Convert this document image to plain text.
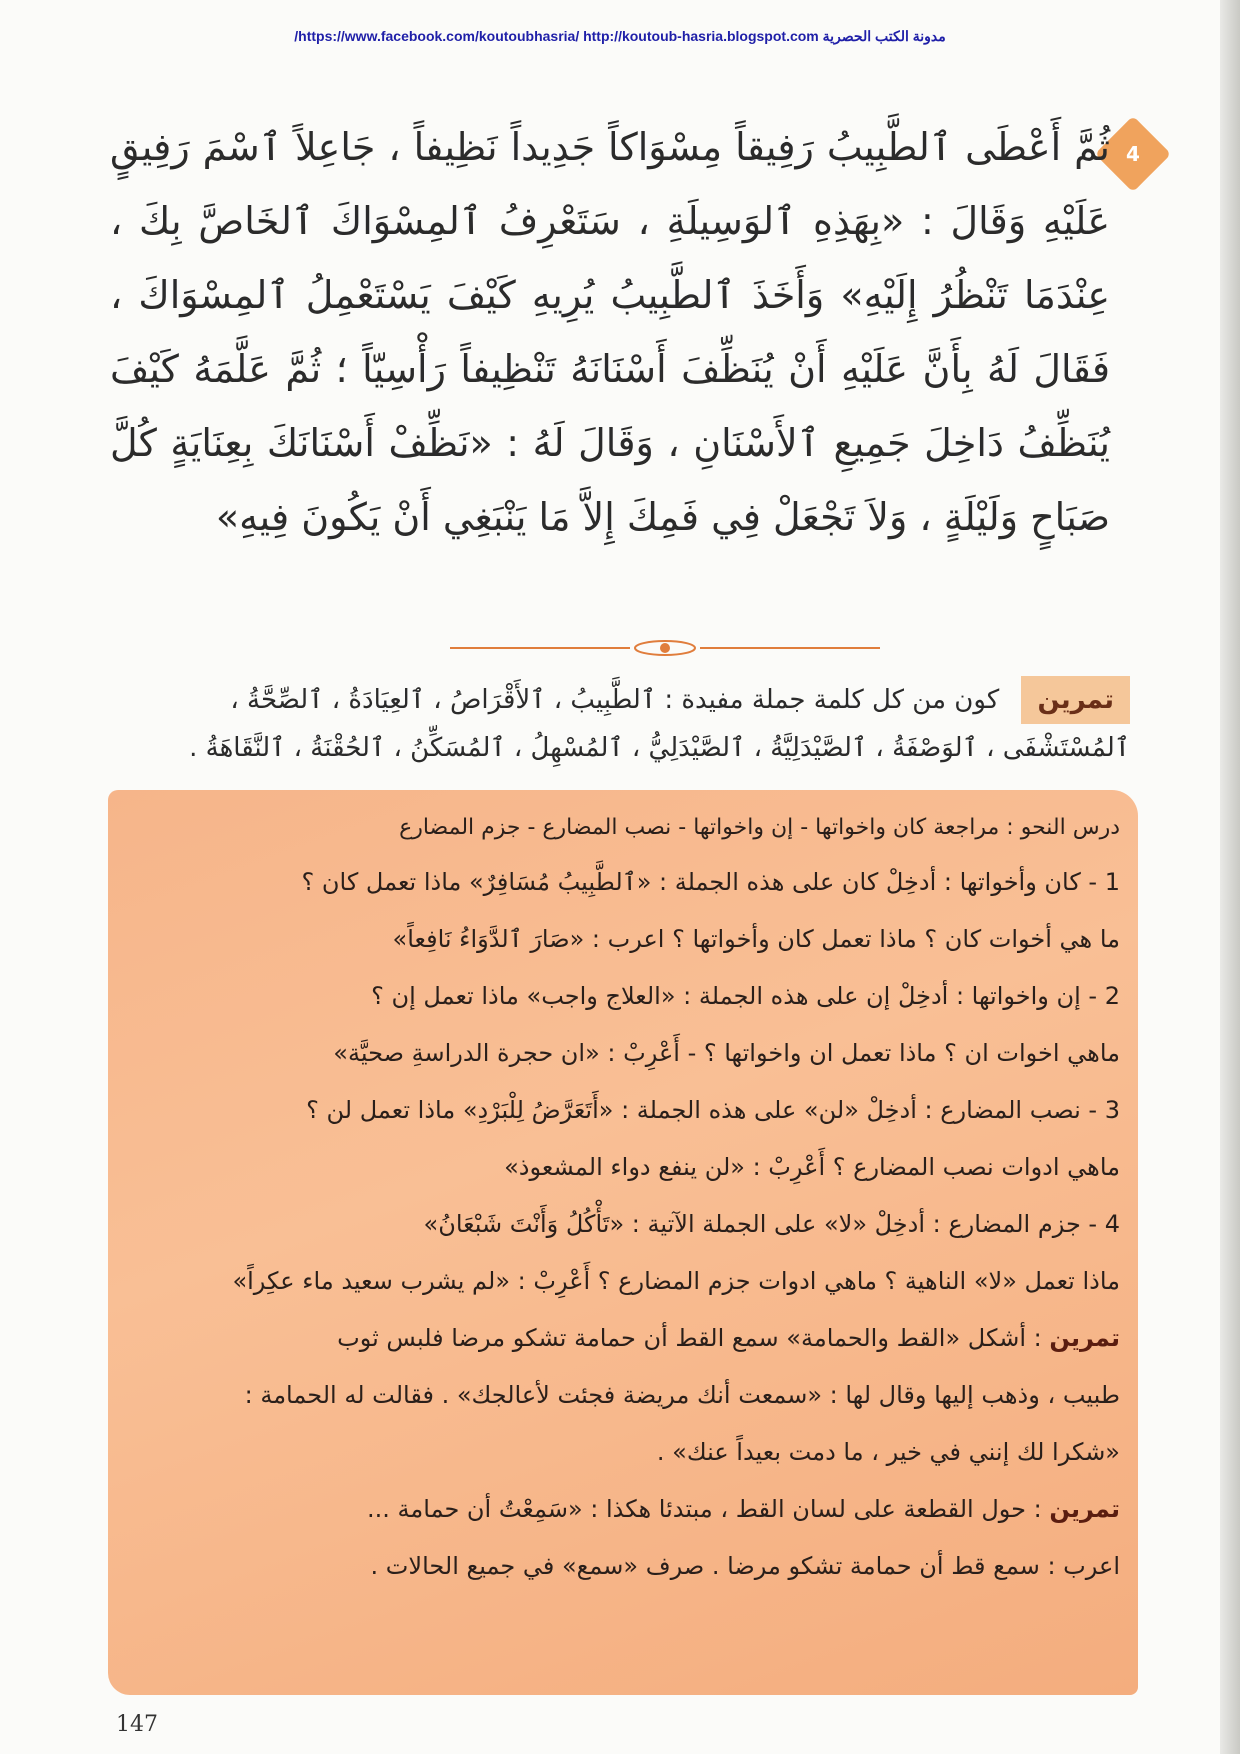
/https://www.facebook.com/koutoubhasria/ http://koutoub-hasria.blogspot.com مدونة الكتب الحصرية
4
ثُمَّ أَعْطَى ٱلطَّبِيبُ رَفِيقاً مِسْوَاكاً جَدِيداً نَظِيفاً ، جَاعِلاً ٱسْمَ رَفِيقٍ عَلَيْهِ وَقَالَ : «بِهَذِهِ ٱلوَسِيلَةِ ، سَتَعْرِفُ ٱلمِسْوَاكَ ٱلخَاصَّ بِكَ ، عِنْدَمَا تَنْظُرُ إِلَيْهِ» وَأَخَذَ ٱلطَّبِيبُ يُرِيهِ كَيْفَ يَسْتَعْمِلُ ٱلمِسْوَاكَ ، فَقَالَ لَهُ بِأَنَّ عَلَيْهِ أَنْ يُنَظِّفَ أَسْنَانَهُ تَنْظِيفاً رَأْسِيّاً ؛ ثُمَّ عَلَّمَهُ كَيْفَ يُنَظِّفُ دَاخِلَ جَمِيعِ ٱلأَسْنَانِ ، وَقَالَ لَهُ : «نَظِّفْ أَسْنَانَكَ بِعِنَايَةٍ كُلَّ صَبَاحٍ وَلَيْلَةٍ ، وَلاَ تَجْعَلْ فِي فَمِكَ إِلاَّ مَا يَنْبَغِي أَنْ يَكُونَ فِيهِ»
تمرين كون من كل كلمة جملة مفيدة : ٱلطَّبِيبُ ، ٱلأَقْرَاصُ ، ٱلعِيَادَةُ ، ٱلصِّحَّةُ ، ٱلمُسْتَشْفَى ، ٱلوَصْفَةُ ، ٱلصَّيْدَلِيَّةُ ، ٱلصَّيْدَلِيُّ ، ٱلمُسْهِلُ ، ٱلمُسَكِّنُ ، ٱلحُقْنَةُ ، ٱلنَّقَاهَةُ .
درس النحو : مراجعة كان واخواتها - إن واخواتها - نصب المضارع - جزم المضارع
1 - كان وأخواتها : أدخِلْ كان على هذه الجملة : «ٱلطَّبِيبُ مُسَافِرٌ» ماذا تعمل كان ؟
ما هي أخوات كان ؟ ماذا تعمل كان وأخواتها ؟ اعرب : «صَارَ ٱلدَّوَاءُ نَافِعاً»
2 - إن واخواتها : أدخِلْ إن على هذه الجملة : «العلاج واجب» ماذا تعمل إن ؟
ماهي اخوات ان ؟ ماذا تعمل ان واخواتها ؟ - أَعْرِبْ : «ان حجرة الدراسةِ صحيَّة»
3 - نصب المضارع : أدخِلْ «لن» على هذه الجملة : «أَتَعَرَّضُ لِلْبَرْدِ» ماذا تعمل لن ؟
ماهي ادوات نصب المضارع ؟ أَعْرِبْ : «لن ينفع دواء المشعوذ»
4 - جزم المضارع : أدخِلْ «لا» على الجملة الآتية : «تَأْكُلُ وَأَنْتَ شَبْعَانُ»
ماذا تعمل «لا» الناهية ؟ ماهي ادوات جزم المضارع ؟ أَعْرِبْ : «لم يشرب سعيد ماء عكِراً»
تمرين : أشكل «القط والحمامة» سمع القط أن حمامة تشكو مرضا فلبس ثوب
طبيب ، وذهب إليها وقال لها : «سمعت أنك مريضة فجئت لأعالجك» . فقالت له الحمامة :
«شكرا لك إنني في خير ، ما دمت بعيداً عنك» .
تمرين : حول القطعة على لسان القط ، مبتدئا هكذا : «سَمِعْتُ أن حمامة ...
اعرب : سمع قط أن حمامة تشكو مرضا . صرف «سمع» في جميع الحالات .
147
